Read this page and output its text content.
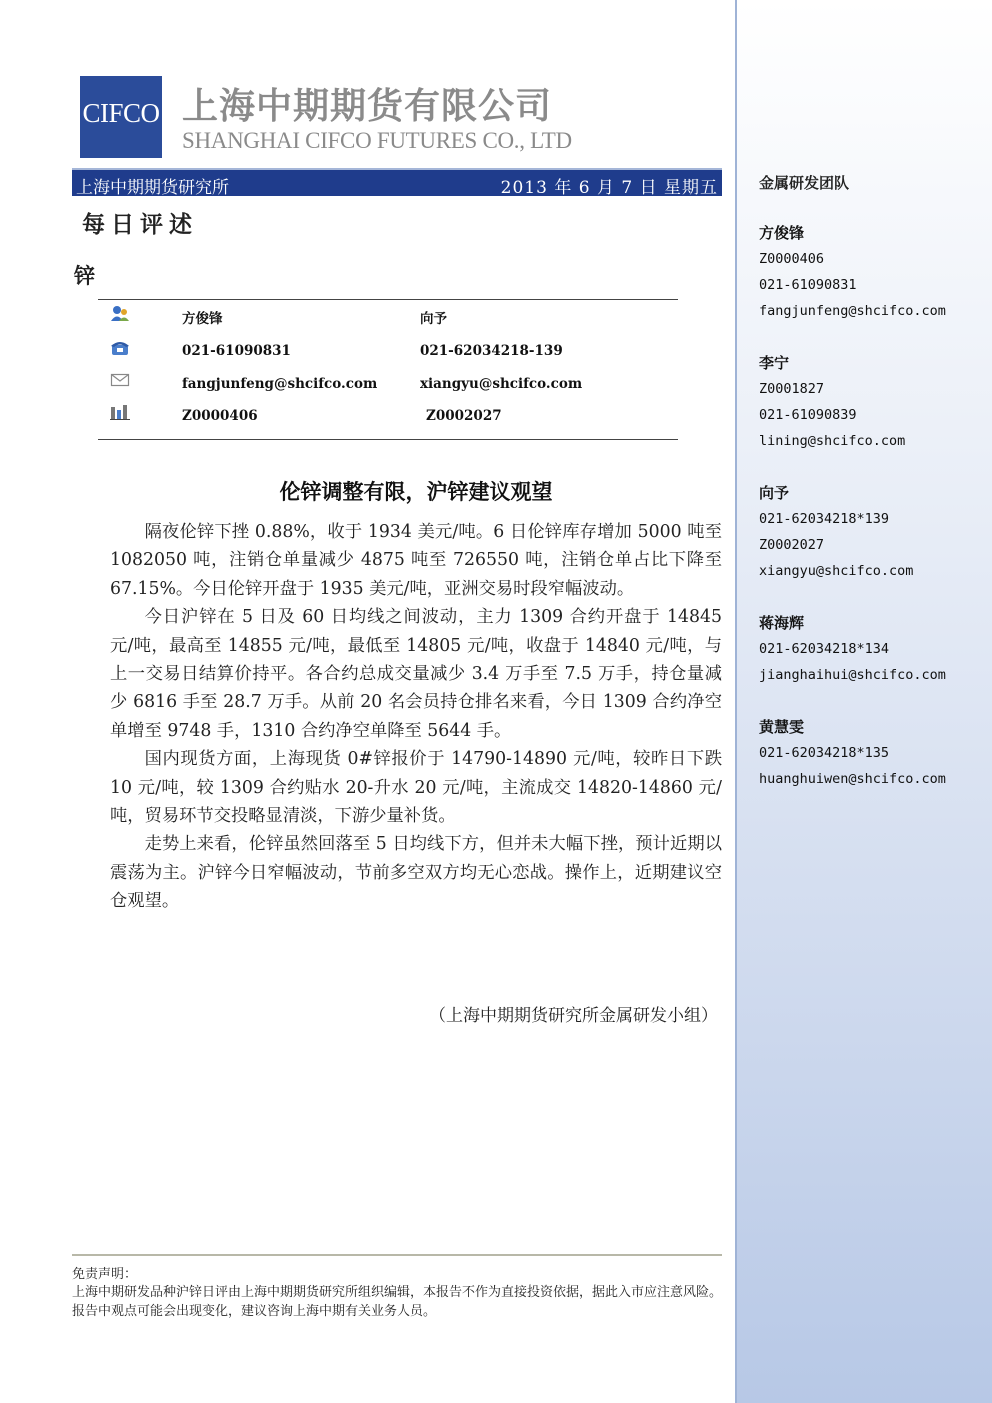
金属研发团队
方俊锋
Z0000406
021-61090831
fangjunfeng@shcifco.com
李宁
Z0001827
021-61090839
lining@shcifco.com
向予
021-62034218*139
Z0002027
xiangyu@shcifco.com
蒋海辉
021-62034218*134
jianghaihui@shcifco.com
黄慧雯
021-62034218*135
huanghuiwen@shcifco.com
CIFCO 上海中期期货有限公司
SHANGHAI CIFCO FUTURES CO., LTD
上海中期期货研究所	2013 年 6 月 7 日 星期五
每日评述
锌
方俊锋	向予
021-61090831	021-62034218-139
fangjunfeng@shcifco.com	xiangyu@shcifco.com
Z0000406	Z0002027
伦锌调整有限，沪锌建议观望

隔夜伦锌下挫 0.88%，收于 1934 美元/吨。6 日伦锌库存增加 5000 吨至 1082050 吨，注销仓单量减少 4875 吨至 726550 吨，注销仓单占比下降至 67.15%。今日伦锌开盘于 1935 美元/吨，亚洲交易时段窄幅波动。

今日沪锌在 5 日及 60 日均线之间波动，主力 1309 合约开盘于 14845 元/吨，最高至 14855 元/吨，最低至 14805 元/吨，收盘于 14840 元/吨，与上一交易日结算价持平。各合约总成交量减少 3.4 万手至 7.5 万手，持仓量减少 6816 手至 28.7 万手。从前 20 名会员持仓排名来看，今日 1309 合约净空单增至 9748 手，1310 合约净空单降至 5644 手。

国内现货方面，上海现货 0#锌报价于 14790-14890 元/吨，较昨日下跌 10 元/吨，较 1309 合约贴水 20-升水 20 元/吨，主流成交 14820-14860 元/吨，贸易环节交投略显清淡，下游少量补货。

走势上来看，伦锌虽然回落至 5 日均线下方，但并未大幅下挫，预计近期以震荡为主。沪锌今日窄幅波动，节前多空双方均无心恋战。操作上，近期建议空仓观望。

（上海中期期货研究所金属研发小组）
免责声明：
上海中期研发品种沪锌日评由上海中期期货研究所组织编辑，本报告不作为直接投资依据，据此入市应注意风险。报告中观点可能会出现变化，建议咨询上海中期有关业务人员。
